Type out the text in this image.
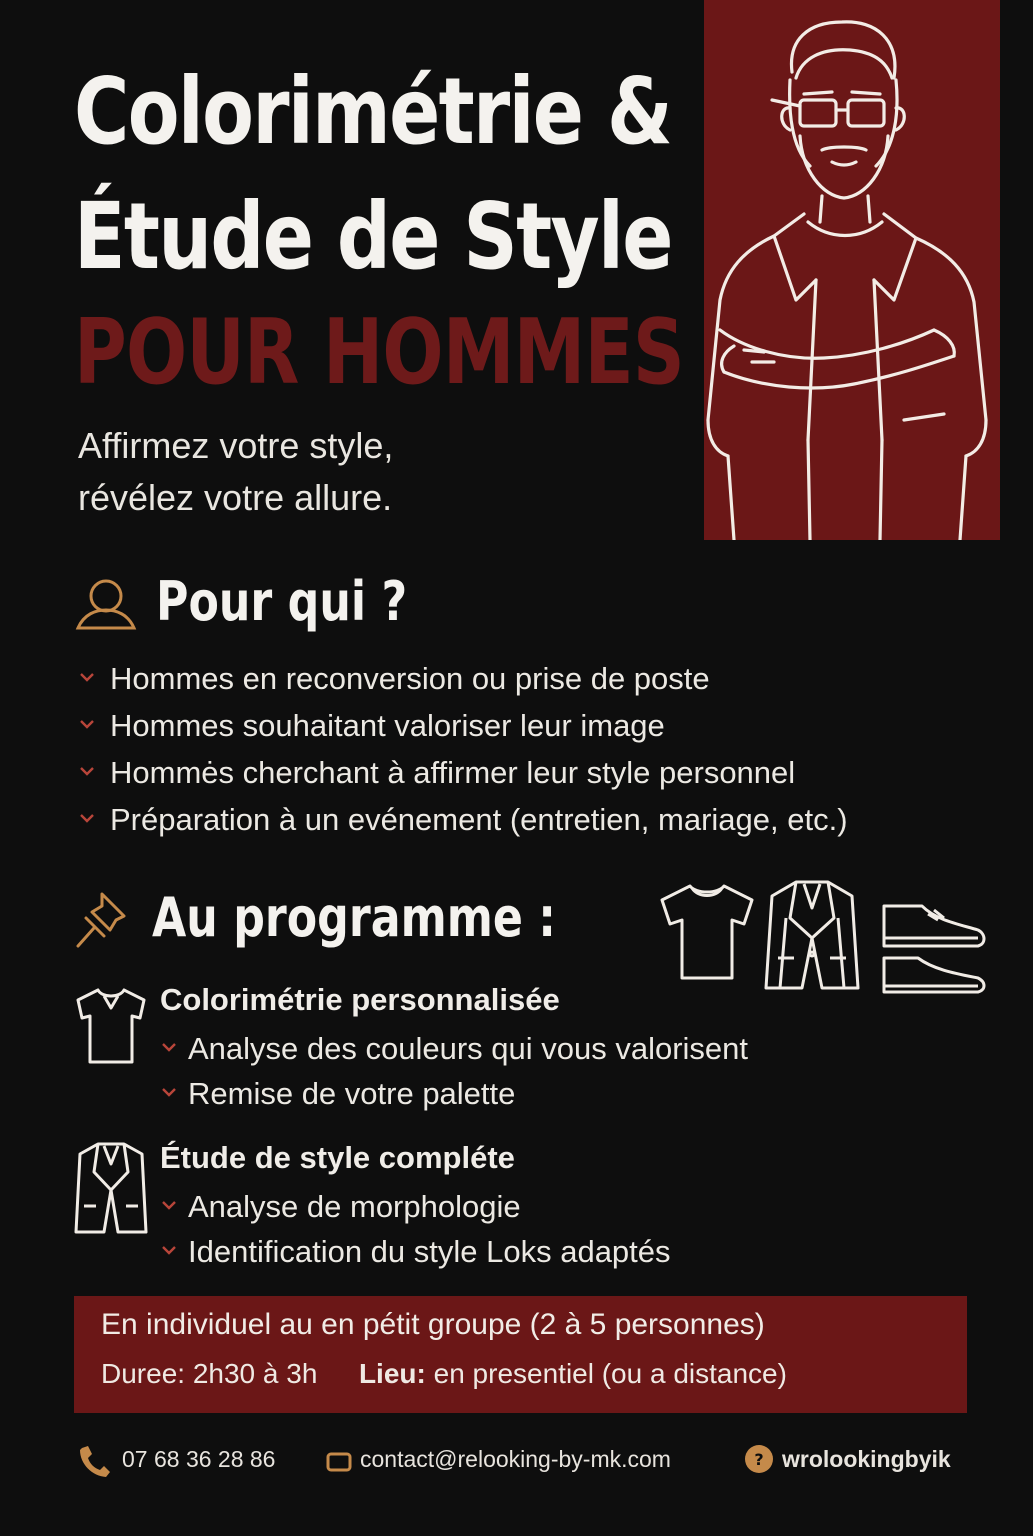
Colorimétrie &
Étude de Style
POUR HOMMES
Affirmez votre style,
révélez votre allure.
Pour qui ?
Hommes en reconversion ou prise de poste
Hommes souhaitant valoriser leur image
Hommės cherchant à affirmer leur style personnel
Préparation à un evénement (entretien, mariage, etc.)
Au programme :
Colorimétrie personnalisée
Analyse des couleurs qui vous valorisent
Remise de votre palette
Étude de style compléte
Analyse de morphologie
Identification du style Loks adaptés
En individuel au en pétit groupe (2 à 5 personnes)
Duree: 2h30 à 3h Lieu: en presentiel (ou a distance)
07 68 36 28 86	contact@relooking-by-mk.com	? wrolookingbyik
